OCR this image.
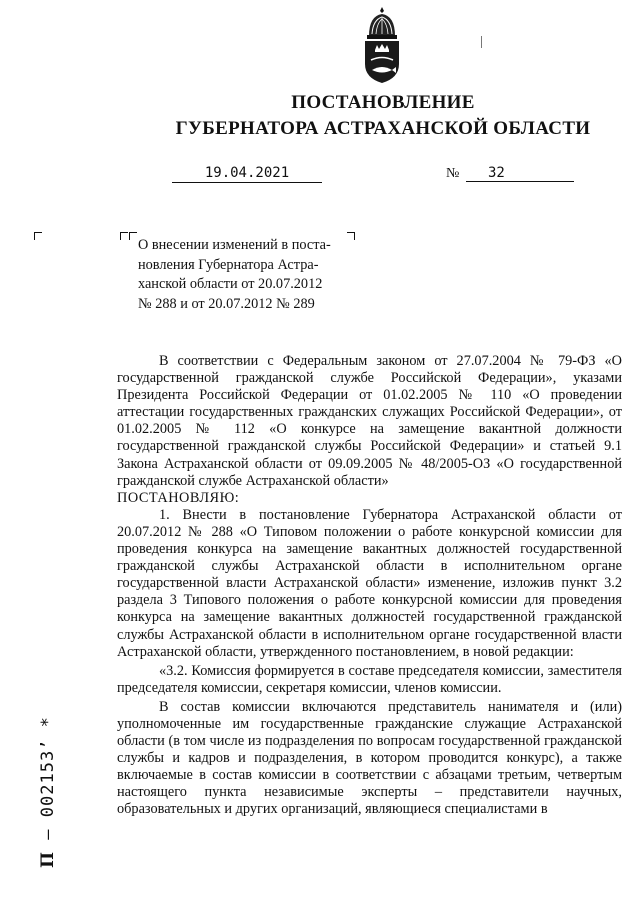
ПОСТАНОВЛЕНИЕ
ГУБЕРНАТОРА АСТРАХАНСКОЙ ОБЛАСТИ
19.04.2021	№	32
О внесении изменений в поста-
новления Губернатора Астра-
ханской области от 20.07.2012
№ 288 и от 20.07.2012 № 289

В соответствии с Федеральным законом от 27.07.2004 № 79-ФЗ «О государственной гражданской службе Российской Федерации», указами Президента Российской Федерации от 01.02.2005 № 110 «О проведении аттестации государственных гражданских служащих Российской Федерации», от 01.02.2005 № 112 «О конкурсе на замещение вакантной должности государственной гражданской службы Российской Федерации» и статьей 9.1 Закона Астраханской области от 09.09.2005 № 48/2005-ОЗ «О государственной гражданской службе Астраханской области»

ПОСТАНОВЛЯЮ:

1. Внести в постановление Губернатора Астраханской области от 20.07.2012 № 288 «О Типовом положении о работе конкурсной комиссии для проведения конкурса на замещение вакантных должностей государственной гражданской службы Астраханской области в исполнительном органе государственной власти Астраханской области» изменение, изложив пункт 3.2 раздела 3 Типового положения о работе конкурсной комиссии для проведения конкурса на замещение вакантных должностей государственной гражданской службы Астраханской области в исполнительном органе государственной власти Астраханской области, утвержденного постановлением, в новой редакции:

«3.2. Комиссия формируется в составе председателя комиссии, заместителя председателя комиссии, секретаря комиссии, членов комиссии.

В состав комиссии включаются представитель нанимателя и (или) уполномоченные им государственные гражданские служащие Астраханской области (в том числе из подразделения по вопросам государственной гражданской службы и кадров и подразделения, в котором проводится конкурс), а также включаемые в состав комиссии в соответствии с абзацами третьим, четвертым настоящего пункта независимые эксперты – представители научных, образовательных и других организаций, являющиеся специалистами в

П – 002153’ *
